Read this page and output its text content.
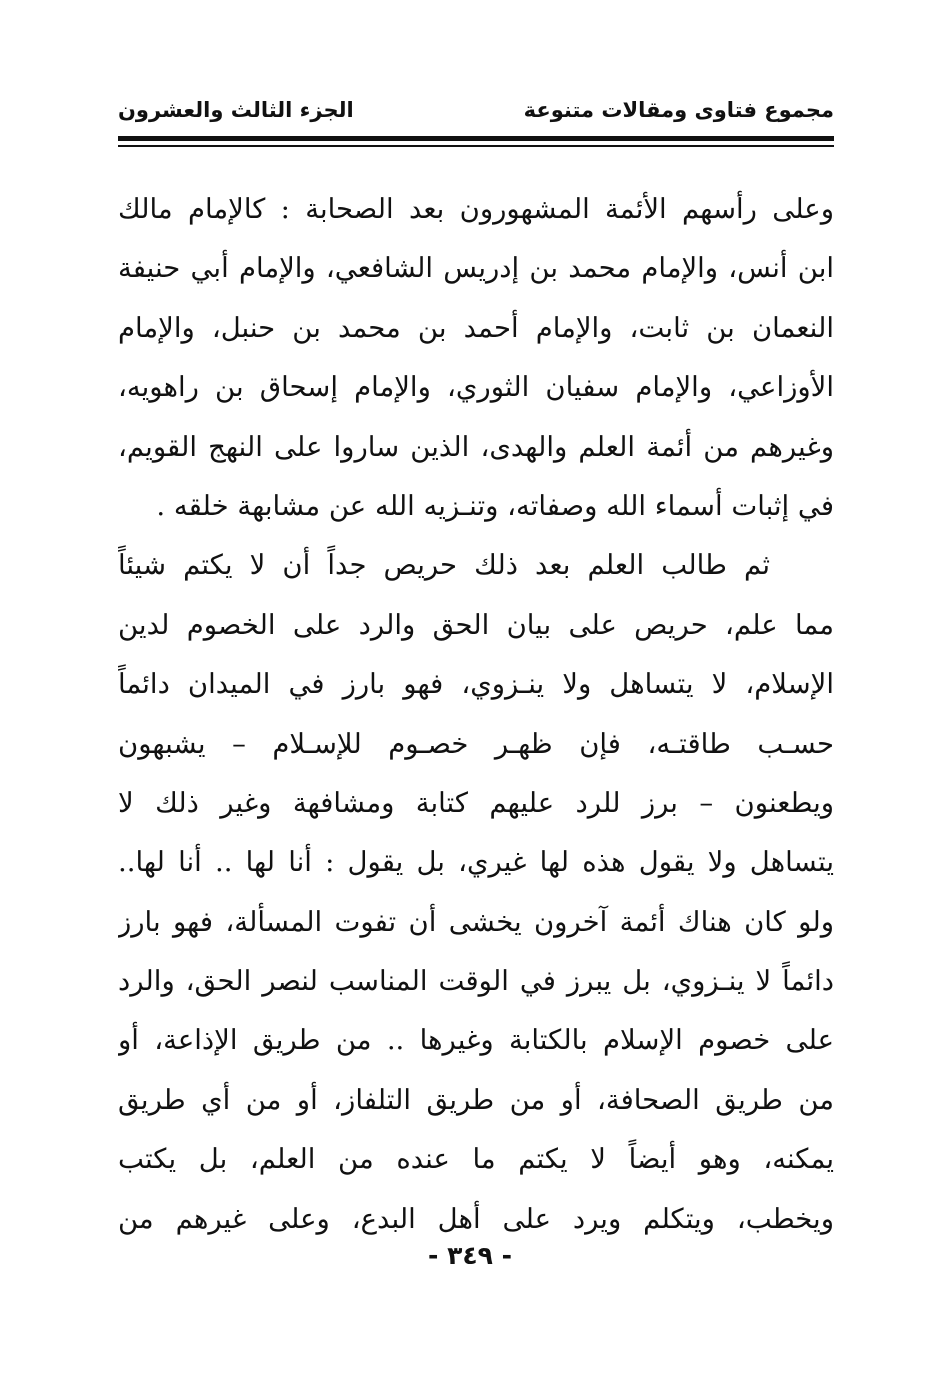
مجموع فتاوى ومقالات متنوعة
الجزء الثالث والعشرون
وعلى رأسهم الأئمة المشهورون بعد الصحابة : كالإمام مالك
ابن أنس، والإمام محمد بن إدريس الشافعي، والإمام أبي حنيفة
النعمان بن ثابت، والإمام أحمد بن محمد بن حنبل، والإمام
الأوزاعي، والإمام سفيان الثوري، والإمام إسحاق بن راهويه،
وغيرهم من أئمة العلم والهدى، الذين ساروا على النهج القويم،
في إثبات أسماء الله وصفاته، وتنـزيه الله عن مشابهة خلقه .
ثم طالب العلم بعد ذلك حريص جداً أن لا يكتم شيئاً
مما علم، حريص على بيان الحق والرد على الخصوم لدين
الإسلام، لا يتساهل ولا ينـزوي، فهو بارز في الميدان دائماً
حسـب طاقتـه، فإن ظهـر خصـوم للإسـلام – يشبهون
ويطعنون – برز للرد عليهم كتابة ومشافهة وغير ذلك لا
يتساهل ولا يقول هذه لها غيري، بل يقول : أنا لها .. أنا لها..
ولو كان هناك أئمة آخرون يخشى أن تفوت المسألة، فهو بارز
دائماً لا ينـزوي، بل يبرز في الوقت المناسب لنصر الحق، والرد
على خصوم الإسلام بالكتابة وغيرها .. من طريق الإذاعة، أو
من طريق الصحافة، أو من طريق التلفاز، أو من أي طريق
يمكنه، وهو أيضاً لا يكتم ما عنده من العلم، بل يكتب
ويخطب، ويتكلم ويرد على أهل البدع، وعلى غيرهم من
- ٣٤٩ -
